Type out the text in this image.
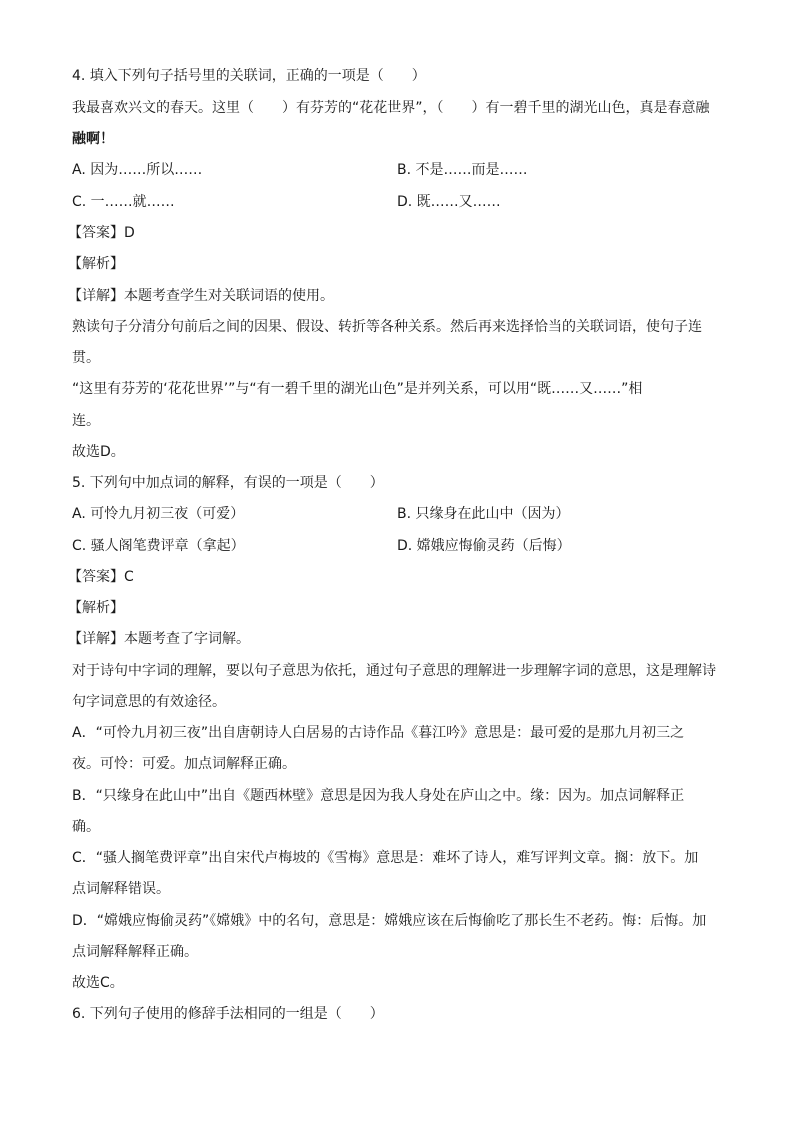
4. 填入下列句子括号里的关联词，正确的一项是（　　）
我最喜欢兴文的春天。这里（　　）有芬芳的“花花世界”，（　　）有一碧千里的湖光山色，真是春意融
融啊！
A. 因为……所以……	B. 不是……而是……
C. 一……就……	D. 既……又……
【答案】D
【解析】
【详解】本题考查学生对关联词语的使用。
熟读句子分清分句前后之间的因果、假设、转折等各种关系。然后再来选择恰当的关联词语，使句子连
贯。
“这里有芬芳的‘花花世界’”与“有一碧千里的湖光山色”是并列关系，可以用“既……又……”相
连。
故选D。
5. 下列句中加点词的解释，有误的一项是（　　）
A. 可怜九月初三夜（可爱）	B. 只缘身在此山中（因为）
C. 骚人阁笔费评章（拿起）	D. 嫦娥应悔偷灵药（后悔）
【答案】C
【解析】
【详解】本题考查了字词解。
对于诗句中字词的理解，要以句子意思为依托，通过句子意思的理解进一步理解字词的意思，这是理解诗
句字词意思的有效途径。
A．“可怜九月初三夜”出自唐朝诗人白居易的古诗作品《暮江吟》意思是：最可爱的是那九月初三之
夜。可怜：可爱。加点词解释正确。
B．“只缘身在此山中”出自《题西林壁》意思是因为我人身处在庐山之中。缘：因为。加点词解释正
确。
C．“骚人搁笔费评章”出自宋代卢梅坡的《雪梅》意思是：难坏了诗人，难写评判文章。搁：放下。加
点词解释错误。
D．“嫦娥应悔偷灵药”《嫦娥》中的名句，意思是：嫦娥应该在后悔偷吃了那长生不老药。悔：后悔。加
点词解释解释正确。
故选C。
6. 下列句子使用的修辞手法相同的一组是（　　）
